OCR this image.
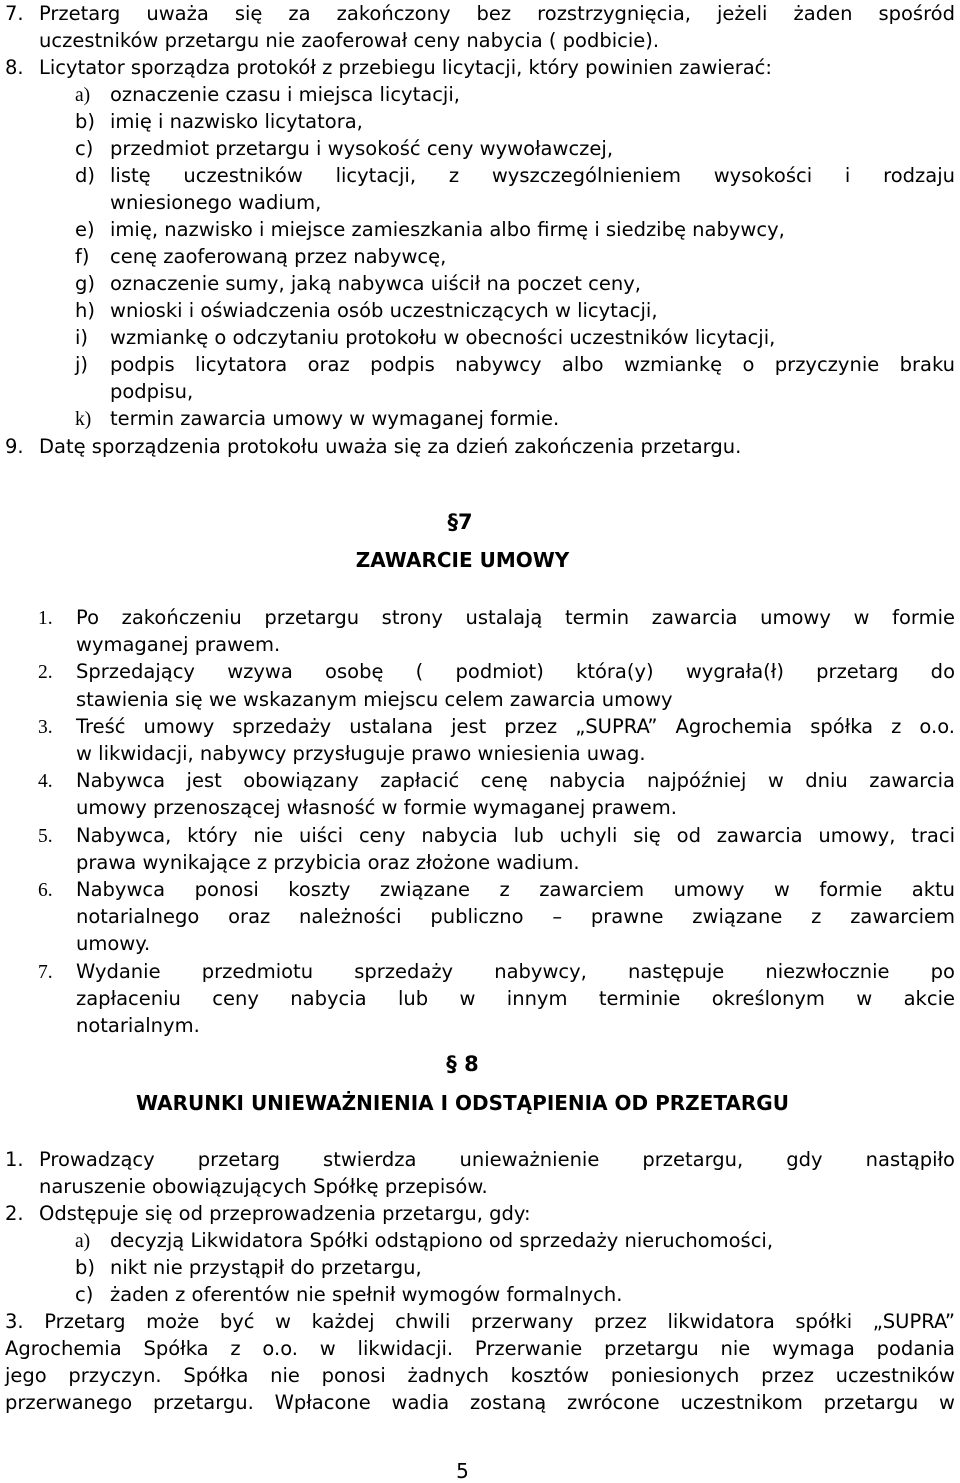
7. Przetarg uważa się za zakończony bez rozstrzygnięcia, jeżeli żaden spośród
uczestników przetargu nie zaoferował ceny nabycia ( podbicie).
8. Licytator sporządza protokół z przebiegu licytacji, który powinien zawierać:
a) oznaczenie czasu i miejsca licytacji,
b) imię i nazwisko licytatora,
c) przedmiot przetargu i wysokość ceny wywoławczej,
d) listę uczestników licytacji, z wyszczególnieniem wysokości i rodzaju
wniesionego wadium,
e) imię, nazwisko i miejsce zamieszkania albo firmę i siedzibę nabywcy,
f) cenę zaoferowaną przez nabywcę,
g) oznaczenie sumy, jaką nabywca uiścił na poczet ceny,
h) wnioski i oświadczenia osób uczestniczących w licytacji,
i) wzmiankę o odczytaniu protokołu w obecności uczestników licytacji,
j) podpis licytatora oraz podpis nabywcy albo wzmiankę o przyczynie braku
podpisu,
k) termin zawarcia umowy w wymaganej formie.
9. Datę sporządzenia protokołu uważa się za dzień zakończenia przetargu.
§7
ZAWARCIE UMOWY
1. Po zakończeniu przetargu strony ustalają termin zawarcia umowy w formie
wymaganej prawem.
2. Sprzedający wzywa osobę ( podmiot) która(y) wygrała(ł) przetarg do
stawienia się we wskazanym miejscu celem zawarcia umowy
3. Treść umowy sprzedaży ustalana jest przez „SUPRA” Agrochemia spółka z o.o.
w likwidacji, nabywcy przysługuje prawo wniesienia uwag.
4. Nabywca jest obowiązany zapłacić cenę nabycia najpóźniej w dniu zawarcia
umowy przenoszącej własność w formie wymaganej prawem.
5. Nabywca, który nie uiści ceny nabycia lub uchyli się od zawarcia umowy, traci
prawa wynikające z przybicia oraz złożone wadium.
6. Nabywca ponosi koszty związane z zawarciem umowy w formie aktu
notarialnego oraz należności publiczno – prawne związane z zawarciem
umowy.
7. Wydanie przedmiotu sprzedaży nabywcy, następuje niezwłocznie po
zapłaceniu ceny nabycia lub w innym terminie określonym w akcie
notarialnym.
§ 8
WARUNKI UNIEWAŻNIENIA I ODSTĄPIENIA OD PRZETARGU
1. Prowadzący przetarg stwierdza unieważnienie przetargu, gdy nastąpiło
naruszenie obowiązujących Spółkę przepisów.
2. Odstępuje się od przeprowadzenia przetargu, gdy:
a) decyzją Likwidatora Spółki odstąpiono od sprzedaży nieruchomości,
b) nikt nie przystąpił do przetargu,
c) żaden z oferentów nie spełnił wymogów formalnych.
3. Przetarg może być w każdej chwili przerwany przez likwidatora spółki „SUPRA”
Agrochemia Spółka z o.o. w likwidacji. Przerwanie przetargu nie wymaga podania
jego przyczyn. Spółka nie ponosi żadnych kosztów poniesionych przez uczestników
przerwanego przetargu. Wpłacone wadia zostaną zwrócone uczestnikom przetargu w
5
